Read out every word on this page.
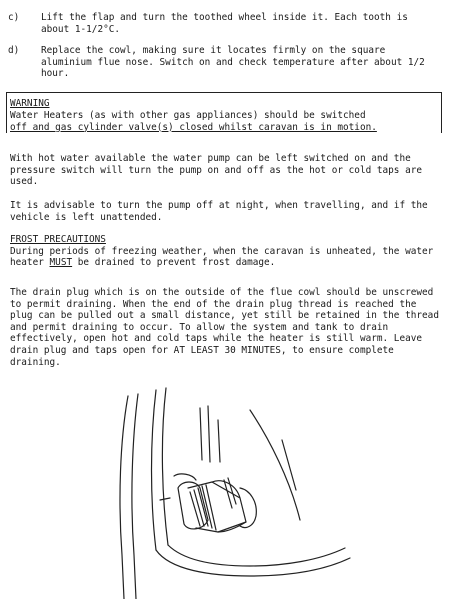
c)	Lift the flap and turn the toothed wheel inside it. Each tooth is about 1-1/2°C.
d)	Replace the cowl, making sure it locates firmly on the square aluminium flue nose. Switch on and check temperature after about 1/2 hour.
WARNING
Water Heaters (as with other gas appliances) should be switched
off and gas cylinder valve(s) closed whilst caravan is in motion.
With hot water available the water pump can be left switched on and the pressure switch will turn the pump on and off as the hot or cold taps are used.
It is advisable to turn the pump off at night, when travelling, and if the vehicle is left unattended.
FROST PRECAUTIONS
During periods of freezing weather, when the caravan is unheated, the water heater MUST be drained to prevent frost damage.
The drain plug which is on the outside of the flue cowl should be unscrewed to permit draining. When the end of the drain plug thread is reached the plug can be pulled out a small distance, yet still be retained in the thread and permit draining to occur. To allow the system and tank to drain effectively, open hot and cold taps while the heater is still warm. Leave drain plug and taps open for AT LEAST 30 MINUTES, to ensure complete draining.
